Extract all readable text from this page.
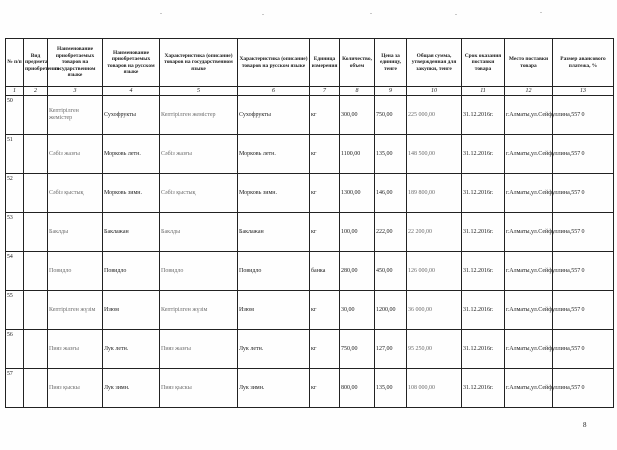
№ п/п	Вид предмета приобретения	Наименование приобретаемых товаров на государственном языке	Наименование приобретаемых товаров на русском языке	Характеристика (описание) товаров на государственном языке	Характеристика (описание) товаров на русском языке	Единица измерения	Количество, объем	Цена за единицу, тенге	Общая сумма, утвержденная для закупки, тенге	Срок оказания поставки товара	Место поставки товара	Размер авансового платежа, %
1	2	3	4	5	6	7	8	9	10	11	12	13
50		Кептірілген жемістер	Сухофрукты	Кептірілген жемістер	Сухофрукты	кг	300,00	750,00	225 000,00	31.12.2016г.	г.Алматы,ул.Сейфуллина,557	0
51		Сәбіз жазғы	Морковь летн.	Сәбіз жазғы	Морковь летн.	кг	1100,00	135,00	148 500,00	31.12.2016г.	г.Алматы,ул.Сейфуллина,557	0
52		Сәбіз қыстық	Морковь зимн.	Сәбіз қыстық	Морковь зимн.	кг	1300,00	146,00	189 800,00	31.12.2016г.	г.Алматы,ул.Сейфуллина,557	0
53		Баклды	Баклажан	Баклды	Баклажан	кг	100,00	222,00	22 200,00	31.12.2016г.	г.Алматы,ул.Сейфуллина,557	0
54		Повидло	Повидло	Повидло	Повидло	банка	280,00	450,00	126 000,00	31.12.2016г.	г.Алматы,ул.Сейфуллина,557	0
55		Кептірілген жүзім	Изюм	Кептірілген жүзім	Изюм	кг	30,00	1200,00	36 000,00	31.12.2016г.	г.Алматы,ул.Сейфуллина,557	0
56		Пияз жазғы	Лук летн.	Пияз жазғы	Лук летн.	кг	750,00	127,00	95 250,00	31.12.2016г.	г.Алматы,ул.Сейфуллина,557	0
57		Пияз қыскы	Лук зимн.	Пияз қыскы	Лук зимн.	кг	800,00	135,00	108 000,00	31.12.2016г.	г.Алматы,ул.Сейфуллина,557	0
8
